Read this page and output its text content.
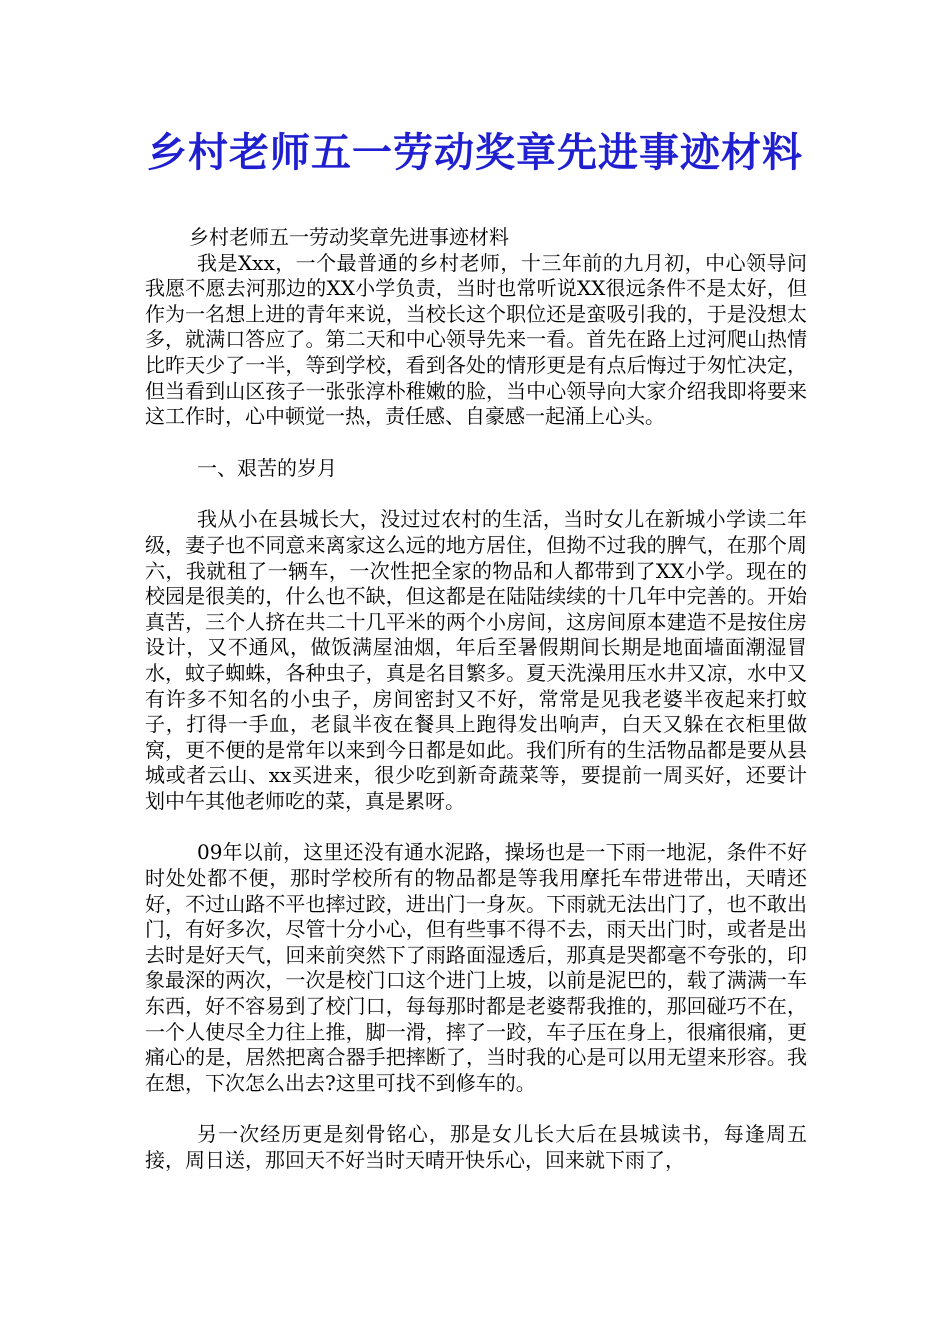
乡村老师五一劳动奖章先进事迹材料

乡村老师五一劳动奖章先进事迹材料

我是Xxx，一个最普通的乡村老师，十三年前的九月初，中心领导问我愿不愿去河那边的XX小学负责，当时也常听说XX很远条件不是太好，但作为一名想上进的青年来说，当校长这个职位还是蛮吸引我的，于是没想太多，就满口答应了。第二天和中心领导先来一看。首先在路上过河爬山热情比昨天少了一半，等到学校，看到各处的情形更是有点后悔过于匆忙决定，但当看到山区孩子一张张淳朴稚嫩的脸，当中心领导向大家介绍我即将要来这工作时，心中顿觉一热，责任感、自豪感一起涌上心头。

一、艰苦的岁月

我从小在县城长大，没过过农村的生活，当时女儿在新城小学读二年级，妻子也不同意来离家这么远的地方居住，但拗不过我的脾气，在那个周六，我就租了一辆车，一次性把全家的物品和人都带到了XX小学。现在的校园是很美的，什么也不缺，但这都是在陆陆续续的十几年中完善的。开始真苦，三个人挤在共二十几平米的两个小房间，这房间原本建造不是按住房设计，又不通风，做饭满屋油烟，年后至暑假期间长期是地面墙面潮湿冒水，蚊子蜘蛛，各种虫子，真是名目繁多。夏天洗澡用压水井又凉，水中又有许多不知名的小虫子，房间密封又不好，常常是见我老婆半夜起来打蚊子，打得一手血，老鼠半夜在餐具上跑得发出响声，白天又躲在衣柜里做窝，更不便的是常年以来到今日都是如此。我们所有的生活物品都是要从县城或者云山、xx买进来，很少吃到新奇蔬菜等，要提前一周买好，还要计划中午其他老师吃的菜，真是累呀。

09年以前，这里还没有通水泥路，操场也是一下雨一地泥，条件不好时处处都不便，那时学校所有的物品都是等我用摩托车带进带出，天晴还好，不过山路不平也摔过跤，进出门一身灰。下雨就无法出门了，也不敢出门，有好多次，尽管十分小心，但有些事不得不去，雨天出门时，或者是出去时是好天气，回来前突然下了雨路面湿透后，那真是哭都毫不夸张的，印象最深的两次，一次是校门口这个进门上坡，以前是泥巴的，载了满满一车东西，好不容易到了校门口，每每那时都是老婆帮我推的，那回碰巧不在，一个人使尽全力往上推，脚一滑，摔了一跤，车子压在身上，很痛很痛，更痛心的是，居然把离合器手把摔断了，当时我的心是可以用无望来形容。我在想，下次怎么出去?这里可找不到修车的。

另一次经历更是刻骨铭心，那是女儿长大后在县城读书，每逢周五接，周日送，那回天不好当时天晴开快乐心，回来就下雨了，
